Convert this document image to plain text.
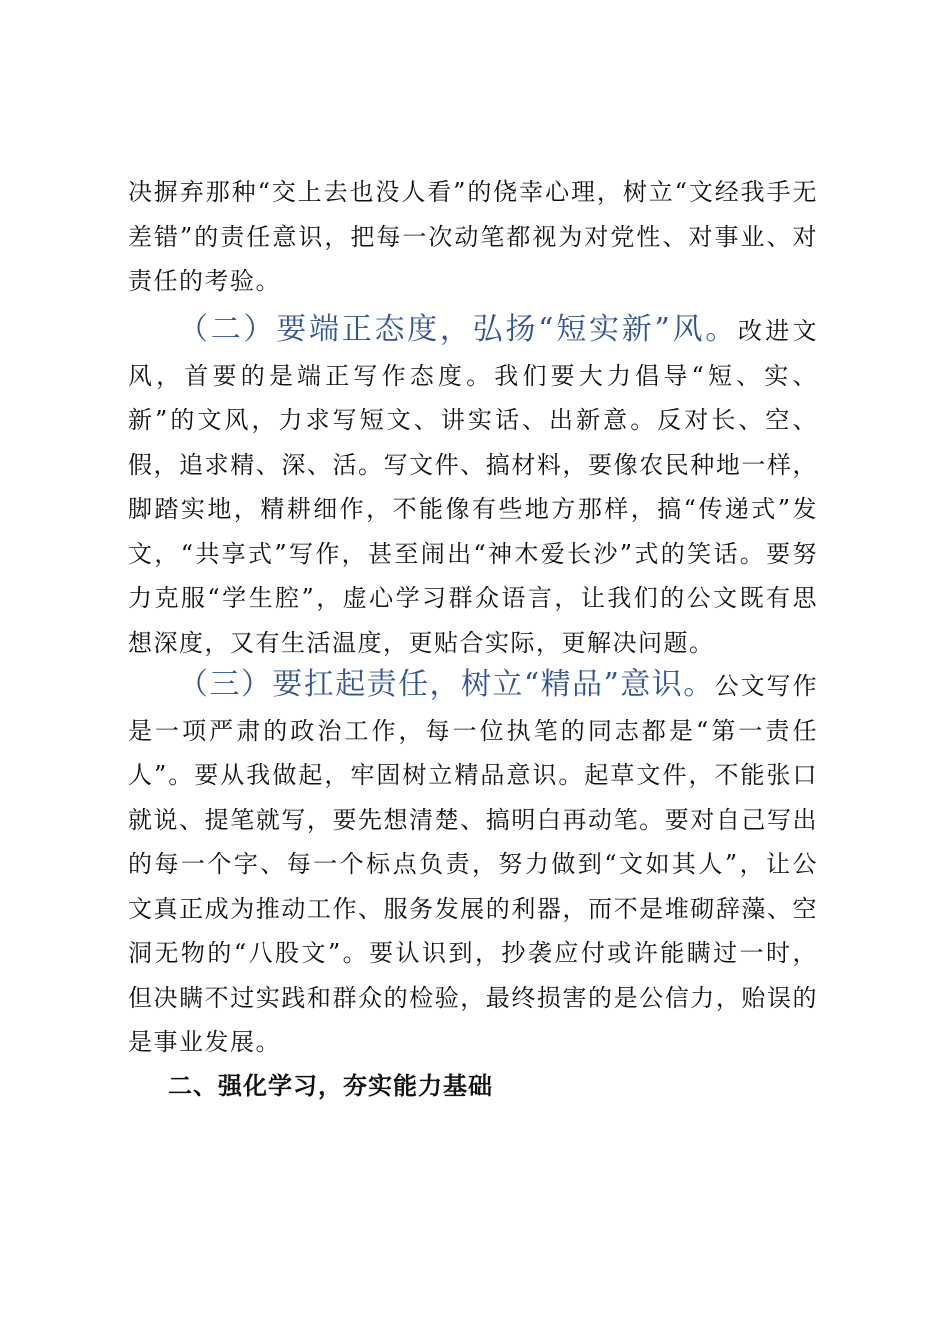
决摒弃那种“交上去也没人看”的侥幸心理，树立“文经我手无差错”的责任意识，把每一次动笔都视为对党性、对事业、对责任的考验。

（二）要端正态度，弘扬“短实新”风。改进文风，首要的是端正写作态度。我们要大力倡导“短、实、新”的文风，力求写短文、讲实话、出新意。反对长、空、假，追求精、深、活。写文件、搞材料，要像农民种地一样，脚踏实地，精耕细作，不能像有些地方那样，搞“传递式”发文，“共享式”写作，甚至闹出“神木爱长沙”式的笑话。要努力克服“学生腔”，虚心学习群众语言，让我们的公文既有思想深度，又有生活温度，更贴合实际，更解决问题。

（三）要扛起责任，树立“精品”意识。公文写作是一项严肃的政治工作，每一位执笔的同志都是“第一责任人”。要从我做起，牢固树立精品意识。起草文件，不能张口就说、提笔就写，要先想清楚、搞明白再动笔。要对自己写出的每一个字、每一个标点负责，努力做到“文如其人”，让公文真正成为推动工作、服务发展的利器，而不是堆砌辞藻、空洞无物的“八股文”。要认识到，抄袭应付或许能瞒过一时，但决瞒不过实践和群众的检验，最终损害的是公信力，贻误的是事业发展。

二、强化学习，夯实能力基础
